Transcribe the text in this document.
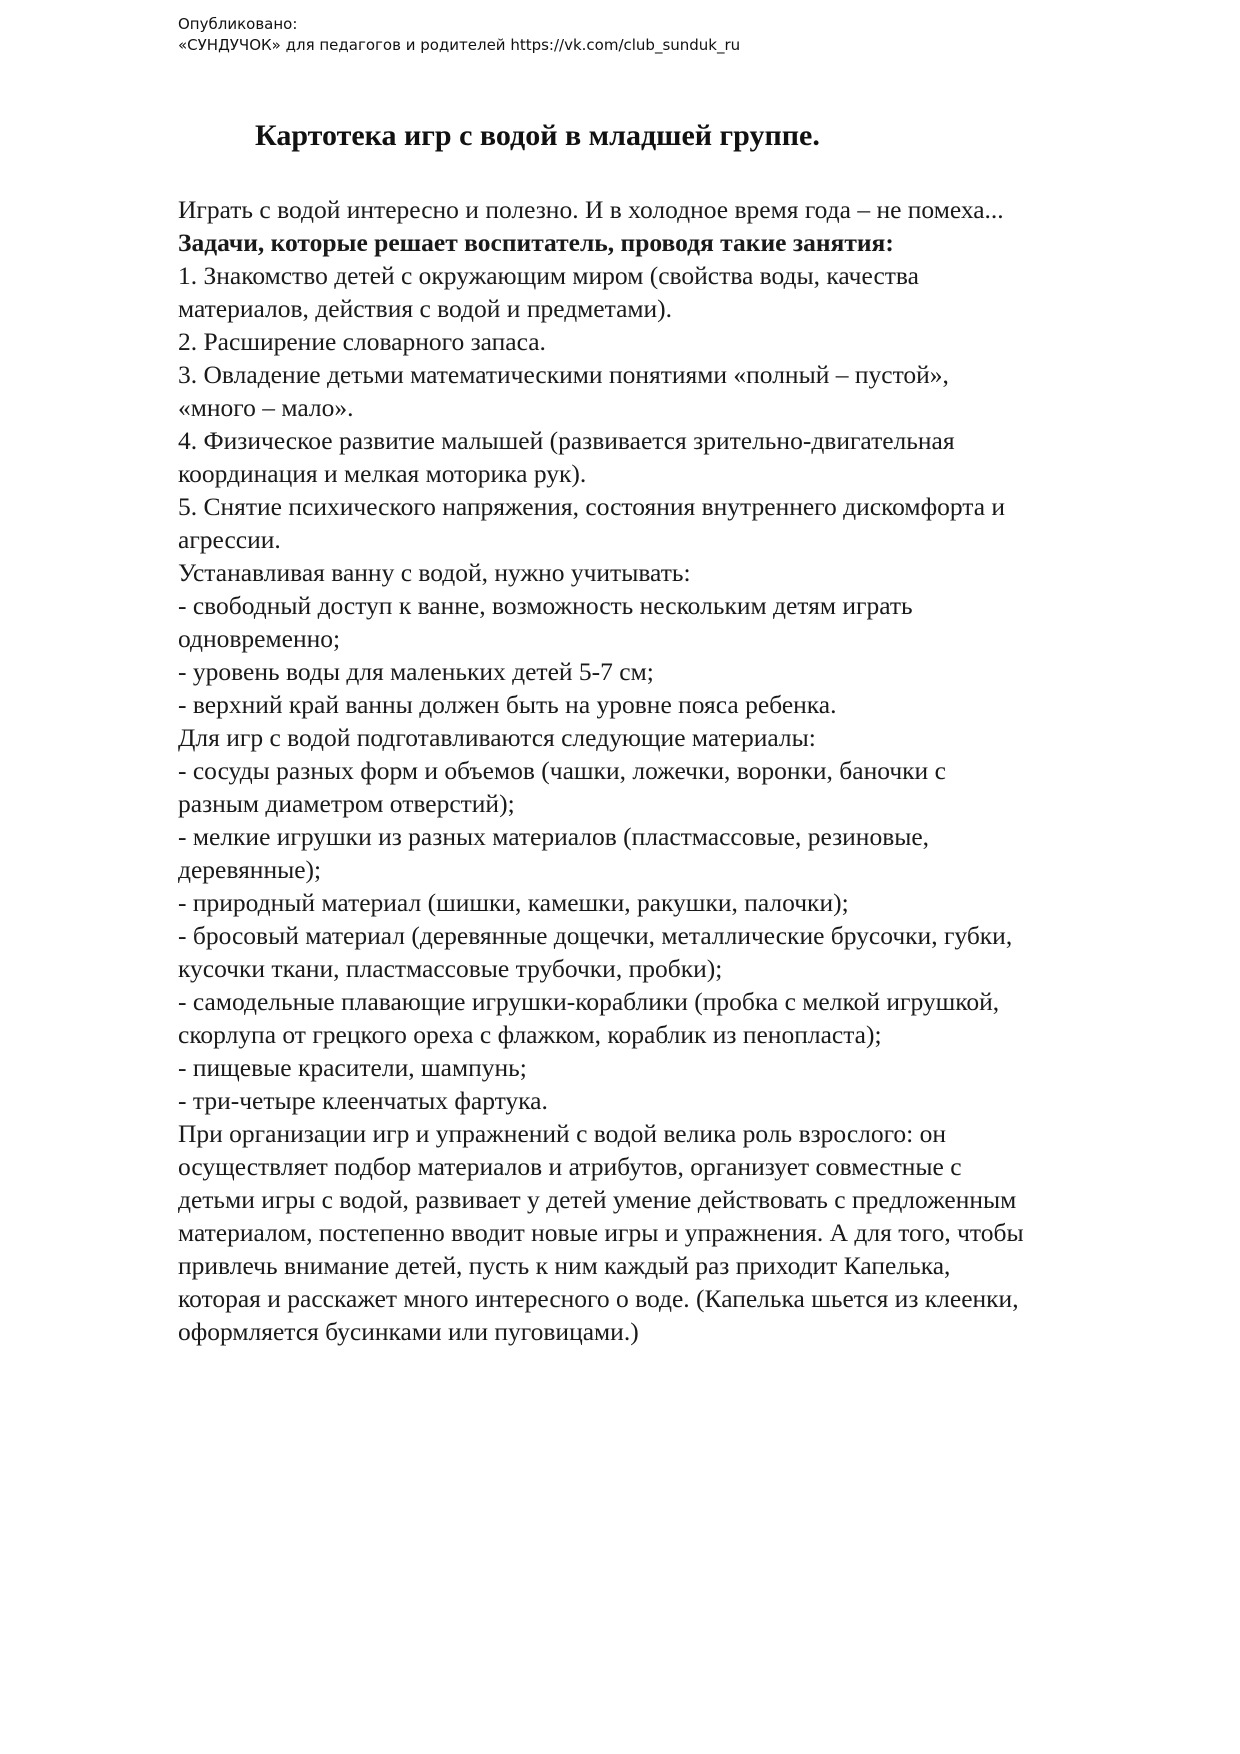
Опубликовано:
«СУНДУЧОК» для педагогов и родителей https://vk.com/club_sunduk_ru
Картотека игр с водой в младшей группе.
Играть с водой интересно и полезно. И в холодное время года – не помеха...
Задачи, которые решает воспитатель, проводя такие занятия:
1. Знакомство детей с окружающим миром (свойства воды, качества
материалов, действия с водой и предметами).
2. Расширение словарного запаса.
3. Овладение детьми математическими понятиями «полный – пустой»,
«много – мало».
4. Физическое развитие малышей (развивается зрительно-двигательная
координация и мелкая моторика рук).
5. Снятие психического напряжения, состояния внутреннего дискомфорта и
агрессии.
Устанавливая ванну с водой, нужно учитывать:
- свободный доступ к ванне, возможность нескольким детям играть
одновременно;
- уровень воды для маленьких детей 5-7 см;
- верхний край ванны должен быть на уровне пояса ребенка.
Для игр с водой подготавливаются следующие материалы:
- сосуды разных форм и объемов (чашки, ложечки, воронки, баночки с
разным диаметром отверстий);
- мелкие игрушки из разных материалов (пластмассовые, резиновые,
деревянные);
- природный материал (шишки, камешки, ракушки, палочки);
- бросовый материал (деревянные дощечки, металлические брусочки, губки,
кусочки ткани, пластмассовые трубочки, пробки);
- самодельные плавающие игрушки-кораблики (пробка с мелкой игрушкой,
скорлупа от грецкого ореха с флажком, кораблик из пенопласта);
- пищевые красители, шампунь;
- три-четыре клеенчатых фартука.
При организации игр и упражнений с водой велика роль взрослого: он
осуществляет подбор материалов и атрибутов, организует совместные с
детьми игры с водой, развивает у детей умение действовать с предложенным
материалом, постепенно вводит новые игры и упражнения. А для того, чтобы
привлечь внимание детей, пусть к ним каждый раз приходит Капелька,
которая и расскажет много интересного о воде. (Капелька шьется из клеенки,
оформляется бусинками или пуговицами.)
